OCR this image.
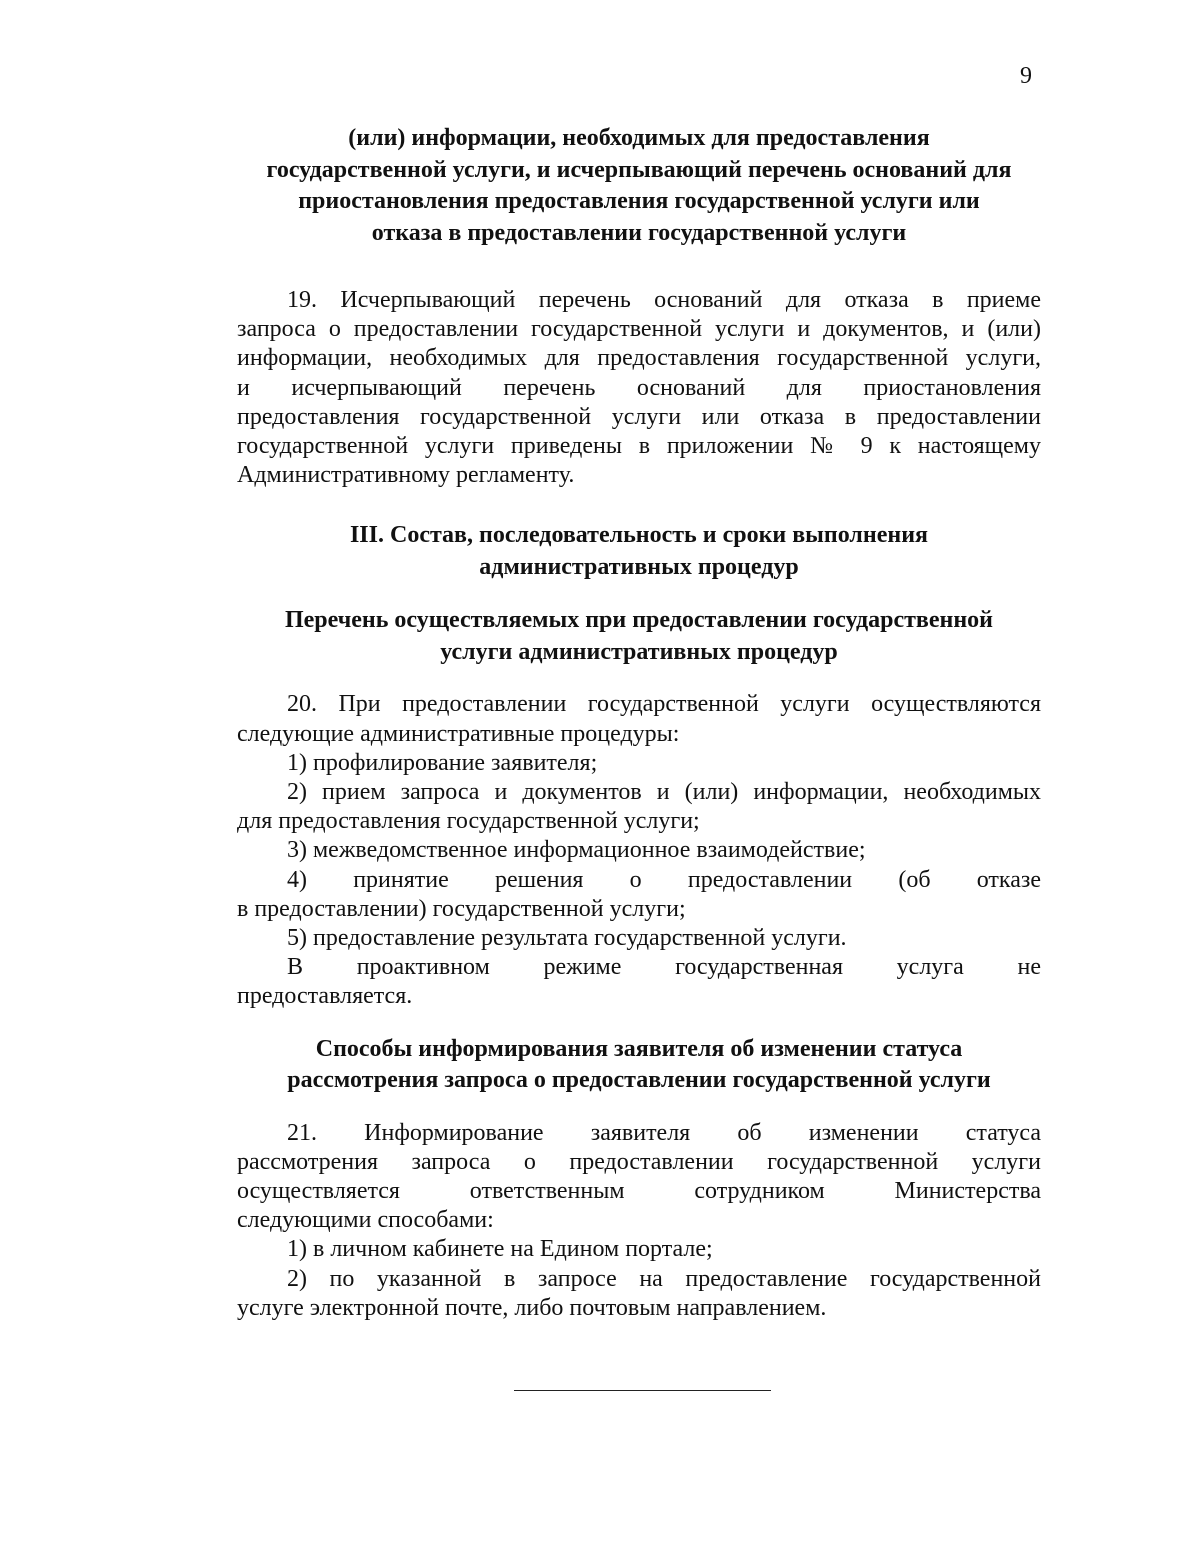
9
(или) информации, необходимых для предоставления
государственной услуги, и исчерпывающий перечень оснований для
приостановления предоставления государственной услуги или
отказа в предоставлении государственной услуги
19. Исчерпывающий перечень оснований для отказа в приеме
запроса о предоставлении государственной услуги и документов, и (или)
информации, необходимых для предоставления государственной услуги,
и исчерпывающий перечень оснований для приостановления
предоставления государственной услуги или отказа в предоставлении
государственной услуги приведены в приложении № 9 к настоящему
Административному регламенту.
III. Состав, последовательность и сроки выполнения
административных процедур
Перечень осуществляемых при предоставлении государственной
услуги административных процедур
20. При предоставлении государственной услуги осуществляются
следующие административные процедуры:
1) профилирование заявителя;
2) прием запроса и документов и (или) информации, необходимых
для предоставления государственной услуги;
3) межведомственное информационное взаимодействие;
4) принятие решения о предоставлении (об отказе
в предоставлении) государственной услуги;
5) предоставление результата государственной услуги.
В проактивном режиме государственная услуга не
предоставляется.
Способы информирования заявителя об изменении статуса
рассмотрения запроса о предоставлении государственной услуги
21. Информирование заявителя об изменении статуса
рассмотрения запроса о предоставлении государственной услуги
осуществляется ответственным сотрудником Министерства
следующими способами:
1) в личном кабинете на Едином портале;
2) по указанной в запросе на предоставление государственной
услуге электронной почте, либо почтовым направлением.
